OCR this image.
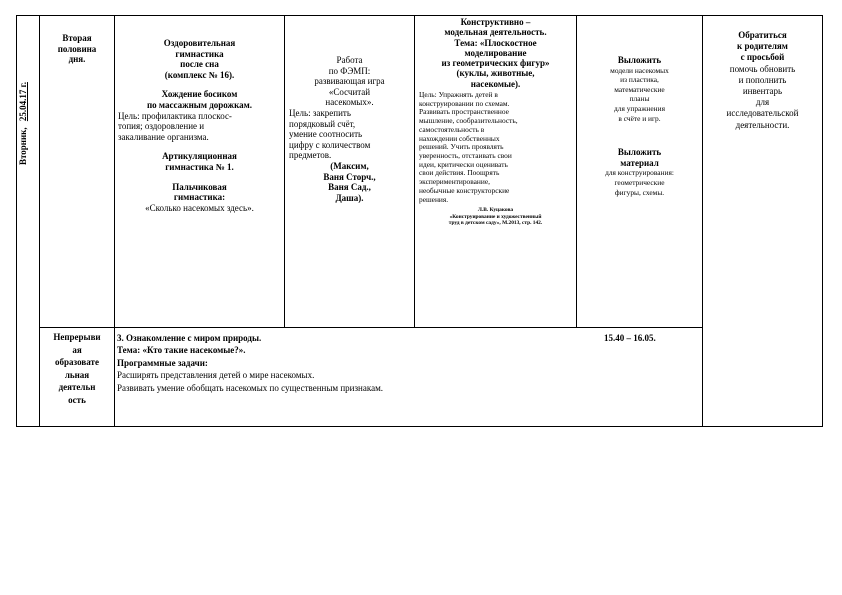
Вторник, 25.04.17 г.
Вторая
половина
дня.
Оздоровительная
гимнастика
после сна
(комплекс № 16).
Хождение босиком
по массажным дорожкам.
Цель: профилактика плоскос-
топия; оздоровление и
закаливание организма.
Артикуляционная
гимнастика № 1.
Пальчиковая
гимнастика:
«Сколько насекомых здесь».
Работа
по ФЭМП:
развивающая игра
«Сосчитай
насекомых».
Цель: закрепить
порядковый счёт,
умение соотносить
цифру с количеством
предметов.
(Максим,
Ваня Сторч.,
Ваня Сад.,
Даша).
Конструктивно –
модельная деятельность.
Тема: «Плоскостное
моделирование
из геометрических фигур»
(куклы, животные,
насекомые).
Цель: Упражнять детей в
конструировании по схемам.
Развивать пространственное
мышление, сообразительность,
самостоятельность в
нахождении собственных
решений. Учить проявлять
уверенность, отстаивать свои
идеи, критически оценивать
свои действия. Поощрять
экспериментирование,
необычные конструкторские
решения.
Л.В. Куцакова
«Конструирование и художественный
труд в детском саду», М.2013, стр. 142.
Выложить
модели насекомых
из пластика,
математические
планы
для упражнения
в счёте и игр.
Выложить
материал
для конструирования:
геометрические
фигуры, схемы.
Обратиться
к родителям
с просьбой
помочь обновить
и пополнить
инвентарь
для
исследовательской
деятельности.
Непрерыви
ая
образовате
льная
деятельн
ость
3. Ознакомление с миром природы.
Тема: «Кто такие насекомые?».
Программные задачи:
Расширять представления детей о мире насекомых.
Развивать умение обобщать насекомых по существенным признакам.
15.40 – 16.05.
